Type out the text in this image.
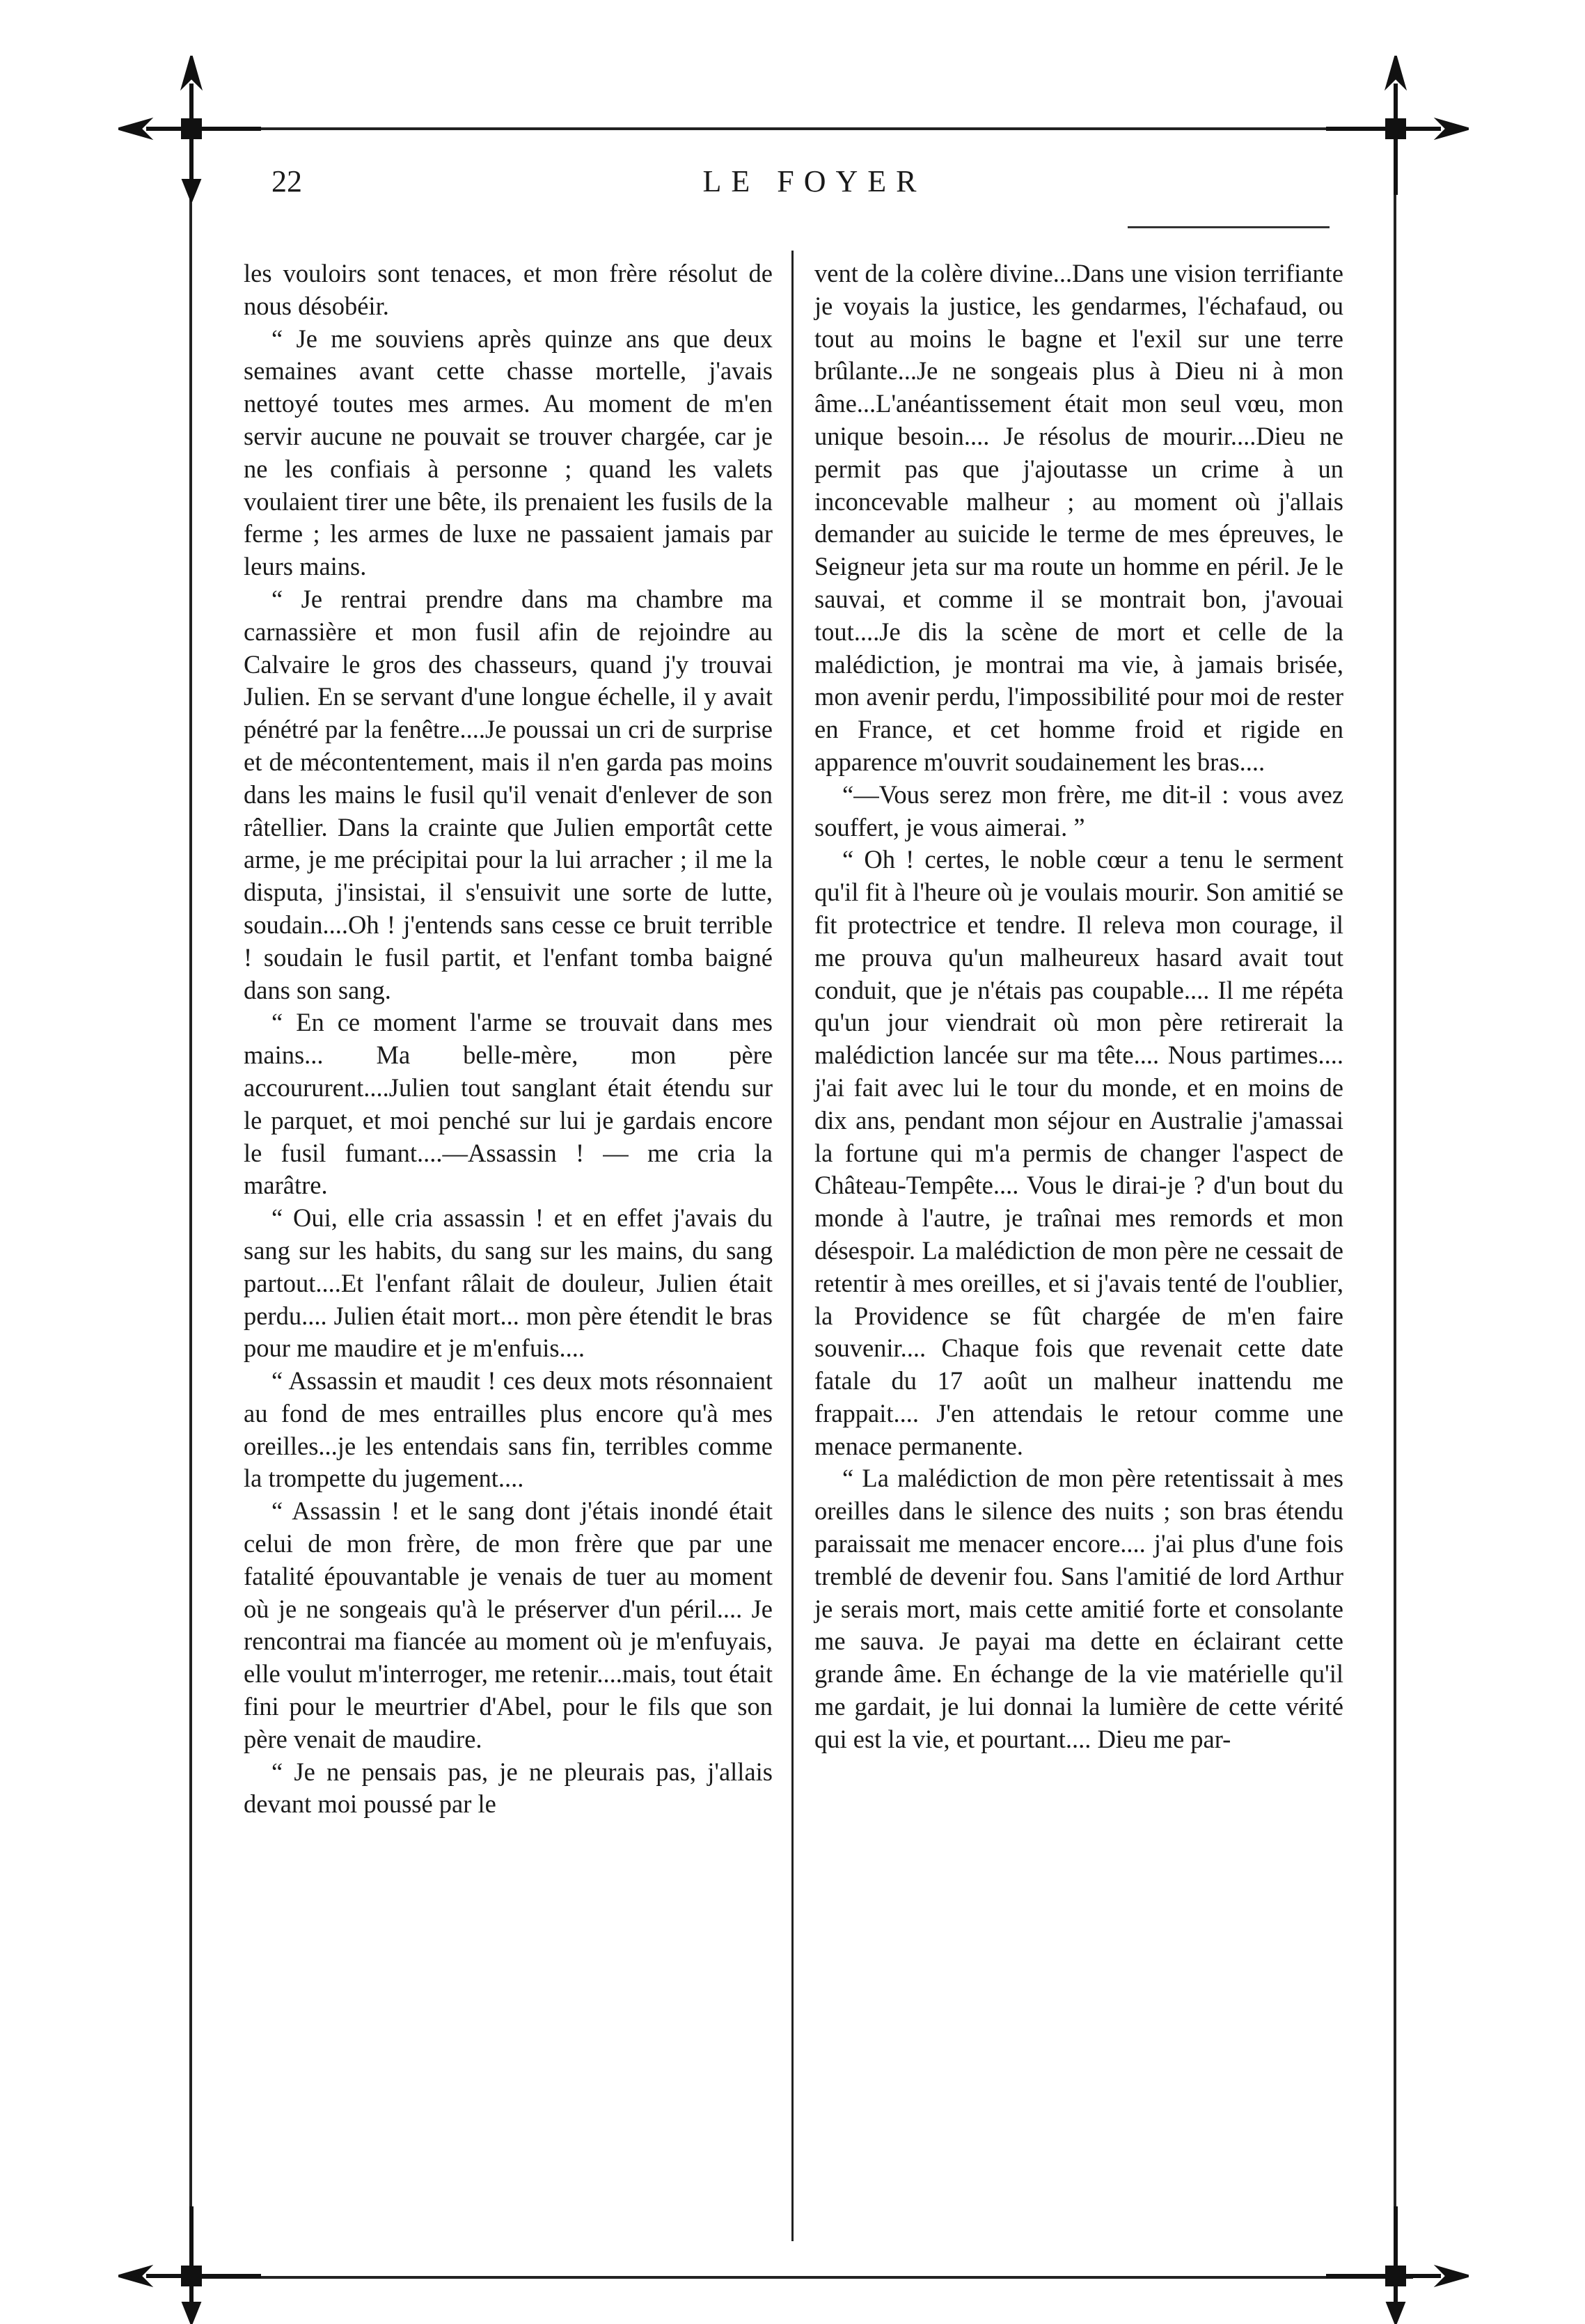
22	LE FOYER

les vouloirs sont tenaces, et mon frère résolut de nous désobéir.

“ Je me souviens après quinze ans que deux semaines avant cette chasse mortelle, j'avais nettoyé toutes mes armes. Au moment de m'en servir aucune ne pouvait se trouver chargée, car je ne les confiais à personne ; quand les valets voulaient tirer une bête, ils prenaient les fusils de la ferme ; les armes de luxe ne passaient jamais par leurs mains.

“ Je rentrai prendre dans ma chambre ma carnassière et mon fusil afin de rejoindre au Calvaire le gros des chasseurs, quand j'y trouvai Julien. En se servant d'une longue échelle, il y avait pénétré par la fenêtre....Je poussai un cri de surprise et de mécontentement, mais il n'en garda pas moins dans les mains le fusil qu'il venait d'enlever de son râtellier. Dans la crainte que Julien emportât cette arme, je me précipitai pour la lui arracher ; il me la disputa, j'insistai, il s'ensuivit une sorte de lutte, soudain....Oh ! j'entends sans cesse ce bruit terrible ! soudain le fusil partit, et l'enfant tomba baigné dans son sang.

“ En ce moment l'arme se trouvait dans mes mains... Ma belle-mère, mon père accoururent....Julien tout sanglant était étendu sur le parquet, et moi penché sur lui je gardais encore le fusil fumant....—Assassin ! — me cria la marâtre.

“ Oui, elle cria assassin ! et en effet j'avais du sang sur les habits, du sang sur les mains, du sang partout....Et l'enfant râlait de douleur, Julien était perdu.... Julien était mort... mon père étendit le bras pour me maudire et je m'enfuis....

“ Assassin et maudit ! ces deux mots résonnaient au fond de mes entrailles plus encore qu'à mes oreilles...je les entendais sans fin, terribles comme la trompette du jugement....

“ Assassin ! et le sang dont j'étais inondé était celui de mon frère, de mon frère que par une fatalité épouvantable je venais de tuer au moment où je ne songeais qu'à le préserver d'un péril.... Je rencontrai ma fiancée au moment où je m'enfuyais, elle voulut m'interroger, me retenir....mais, tout était fini pour le meurtrier d'Abel, pour le fils que son père venait de maudire.

“ Je ne pensais pas, je ne pleurais pas, j'allais devant moi poussé par le

vent de la colère divine...Dans une vision terrifiante je voyais la justice, les gendarmes, l'échafaud, ou tout au moins le bagne et l'exil sur une terre brûlante...Je ne songeais plus à Dieu ni à mon âme...L'anéantissement était mon seul vœu, mon unique besoin.... Je résolus de mourir....Dieu ne permit pas que j'ajoutasse un crime à un inconcevable malheur ; au moment où j'allais demander au suicide le terme de mes épreuves, le Seigneur jeta sur ma route un homme en péril. Je le sauvai, et comme il se montrait bon, j'avouai tout....Je dis la scène de mort et celle de la malédiction, je montrai ma vie, à jamais brisée, mon avenir perdu, l'impossibilité pour moi de rester en France, et cet homme froid et rigide en apparence m'ouvrit soudainement les bras....

“—Vous serez mon frère, me dit-il : vous avez souffert, je vous aimerai. ”

“ Oh ! certes, le noble cœur a tenu le serment qu'il fit à l'heure où je voulais mourir. Son amitié se fit protectrice et tendre. Il releva mon courage, il me prouva qu'un malheureux hasard avait tout conduit, que je n'étais pas coupable.... Il me répéta qu'un jour viendrait où mon père retirerait la malédiction lancée sur ma tête.... Nous partimes.... j'ai fait avec lui le tour du monde, et en moins de dix ans, pendant mon séjour en Australie j'amassai la fortune qui m'a permis de changer l'aspect de Château-Tempête.... Vous le dirai-je ? d'un bout du monde à l'autre, je traînai mes remords et mon désespoir. La malédiction de mon père ne cessait de retentir à mes oreilles, et si j'avais tenté de l'oublier, la Providence se fût chargée de m'en faire souvenir.... Chaque fois que revenait cette date fatale du 17 août un malheur inattendu me frappait.... J'en attendais le retour comme une menace permanente.

“ La malédiction de mon père retentissait à mes oreilles dans le silence des nuits ; son bras étendu paraissait me menacer encore.... j'ai plus d'une fois tremblé de devenir fou. Sans l'amitié de lord Arthur je serais mort, mais cette amitié forte et consolante me sauva. Je payai ma dette en éclairant cette grande âme. En échange de la vie matérielle qu'il me gardait, je lui donnai la lumière de cette vérité qui est la vie, et pourtant.... Dieu me par-
